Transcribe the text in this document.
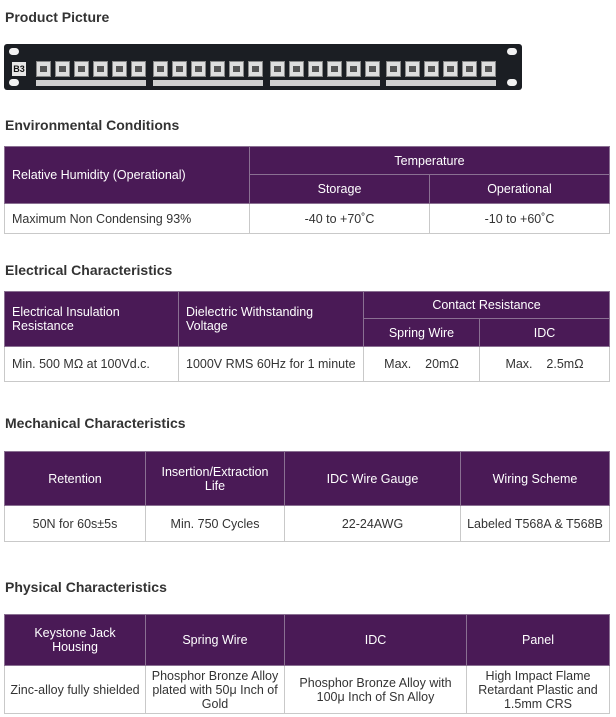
Product Picture
B3
Environmental Conditions
Relative Humidity (Operational)	Temperature	
	Storage	Operational
Maximum Non Condensing 93%	-40 to +70˚C	-10 to +60˚C
Electrical Characteristics
Electrical Insulation Resistance	Dielectric Withstanding Voltage	Contact Resistance	
		Spring Wire	IDC
Min. 500 MΩ at 100Vd.c.	1000V RMS 60Hz for 1 minute	Max.    20mΩ	Max.    2.5mΩ
Mechanical Characteristics
Retention	Insertion/Extraction Life	IDC Wire Gauge	Wiring Scheme
50N for 60s±5s	Min. 750 Cycles	22-24AWG	Labeled T568A & T568B
Physical Characteristics
Keystone Jack Housing	Spring Wire	IDC	Panel
Zinc-alloy fully shielded	Phosphor Bronze Alloy plated with 50μ Inch of Gold	Phosphor Bronze Alloy with 100μ Inch of Sn Alloy	High Impact Flame Retardant Plastic and 1.5mm CRS
